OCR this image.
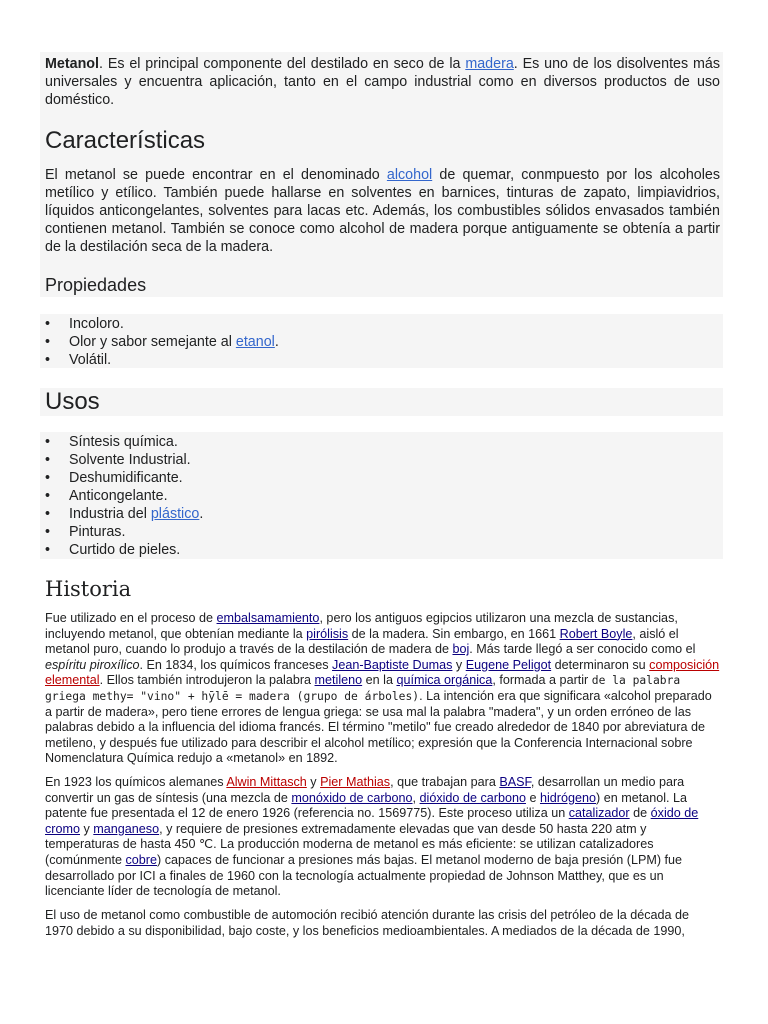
Metanol. Es el principal componente del destilado en seco de la madera. Es uno de los disolventes más universales y encuentra aplicación, tanto en el campo industrial como en diversos productos de uso doméstico.

Características

El metanol se puede encontrar en el denominado alcohol de quemar, conmpuesto por los alcoholes metílico y etílico. También puede hallarse en solventes en barnices, tinturas de zapato, limpiavidrios, líquidos anticongelantes, solventes para lacas etc. Además, los combustibles sólidos envasados también contienen metanol. También se conoce como alcohol de madera porque antiguamente se obtenía a partir de la destilación seca de la madera.

Propiedades
• Incoloro.
• Olor y sabor semejante al etanol.
• Volátil.
Usos
• Síntesis química.
• Solvente Industrial.
• Deshumidificante.
• Anticongelante.
• Industria del plástico.
• Pinturas.
• Curtido de pieles.
Historia

Fue utilizado en el proceso de embalsamamiento, pero los antiguos egipcios utilizaron una mezcla de sustancias, incluyendo metanol, que obtenían mediante la pirólisis de la madera. Sin embargo, en 1661 Robert Boyle, aisló el metanol puro, cuando lo produjo a través de la destilación de madera de boj. Más tarde llegó a ser conocido como el espíritu piroxílico. En 1834, los químicos franceses Jean-Baptiste Dumas y Eugene Peligot determinaron su composición elemental. Ellos también introdujeron la palabra metileno en la química orgánica, formada a partir de la palabra griega methy= "vino" + hȳlē = madera (grupo de árboles). La intención era que significara «alcohol preparado a partir de madera», pero tiene errores de lengua griega: se usa mal la palabra "madera", y un orden erróneo de las palabras debido a la influencia del idioma francés. El término "metilo" fue creado alrededor de 1840 por abreviatura de metileno, y después fue utilizado para describir el alcohol metílico; expresión que la Conferencia Internacional sobre Nomenclatura Química redujo a «metanol» en 1892.

En 1923 los químicos alemanes Alwin Mittasch y Pier Mathias, que trabajan para BASF, desarrollan un medio para convertir un gas de síntesis (una mezcla de monóxido de carbono, dióxido de carbono e hidrógeno) en metanol. La patente fue presentada el 12 de enero 1926 (referencia no. 1569775). Este proceso utiliza un catalizador de óxido de cromo y manganeso, y requiere de presiones extremadamente elevadas que van desde 50 hasta 220 atm y temperaturas de hasta 450 ℃. La producción moderna de metanol es más eficiente: se utilizan catalizadores (comúnmente cobre) capaces de funcionar a presiones más bajas. El metanol moderno de baja presión (LPM) fue desarrollado por ICI a finales de 1960 con la tecnología actualmente propiedad de Johnson Matthey, que es un licenciante líder de tecnología de metanol.

El uso de metanol como combustible de automoción recibió atención durante las crisis del petróleo de la década de 1970 debido a su disponibilidad, bajo coste, y los beneficios medioambientales. A mediados de la década de 1990,
